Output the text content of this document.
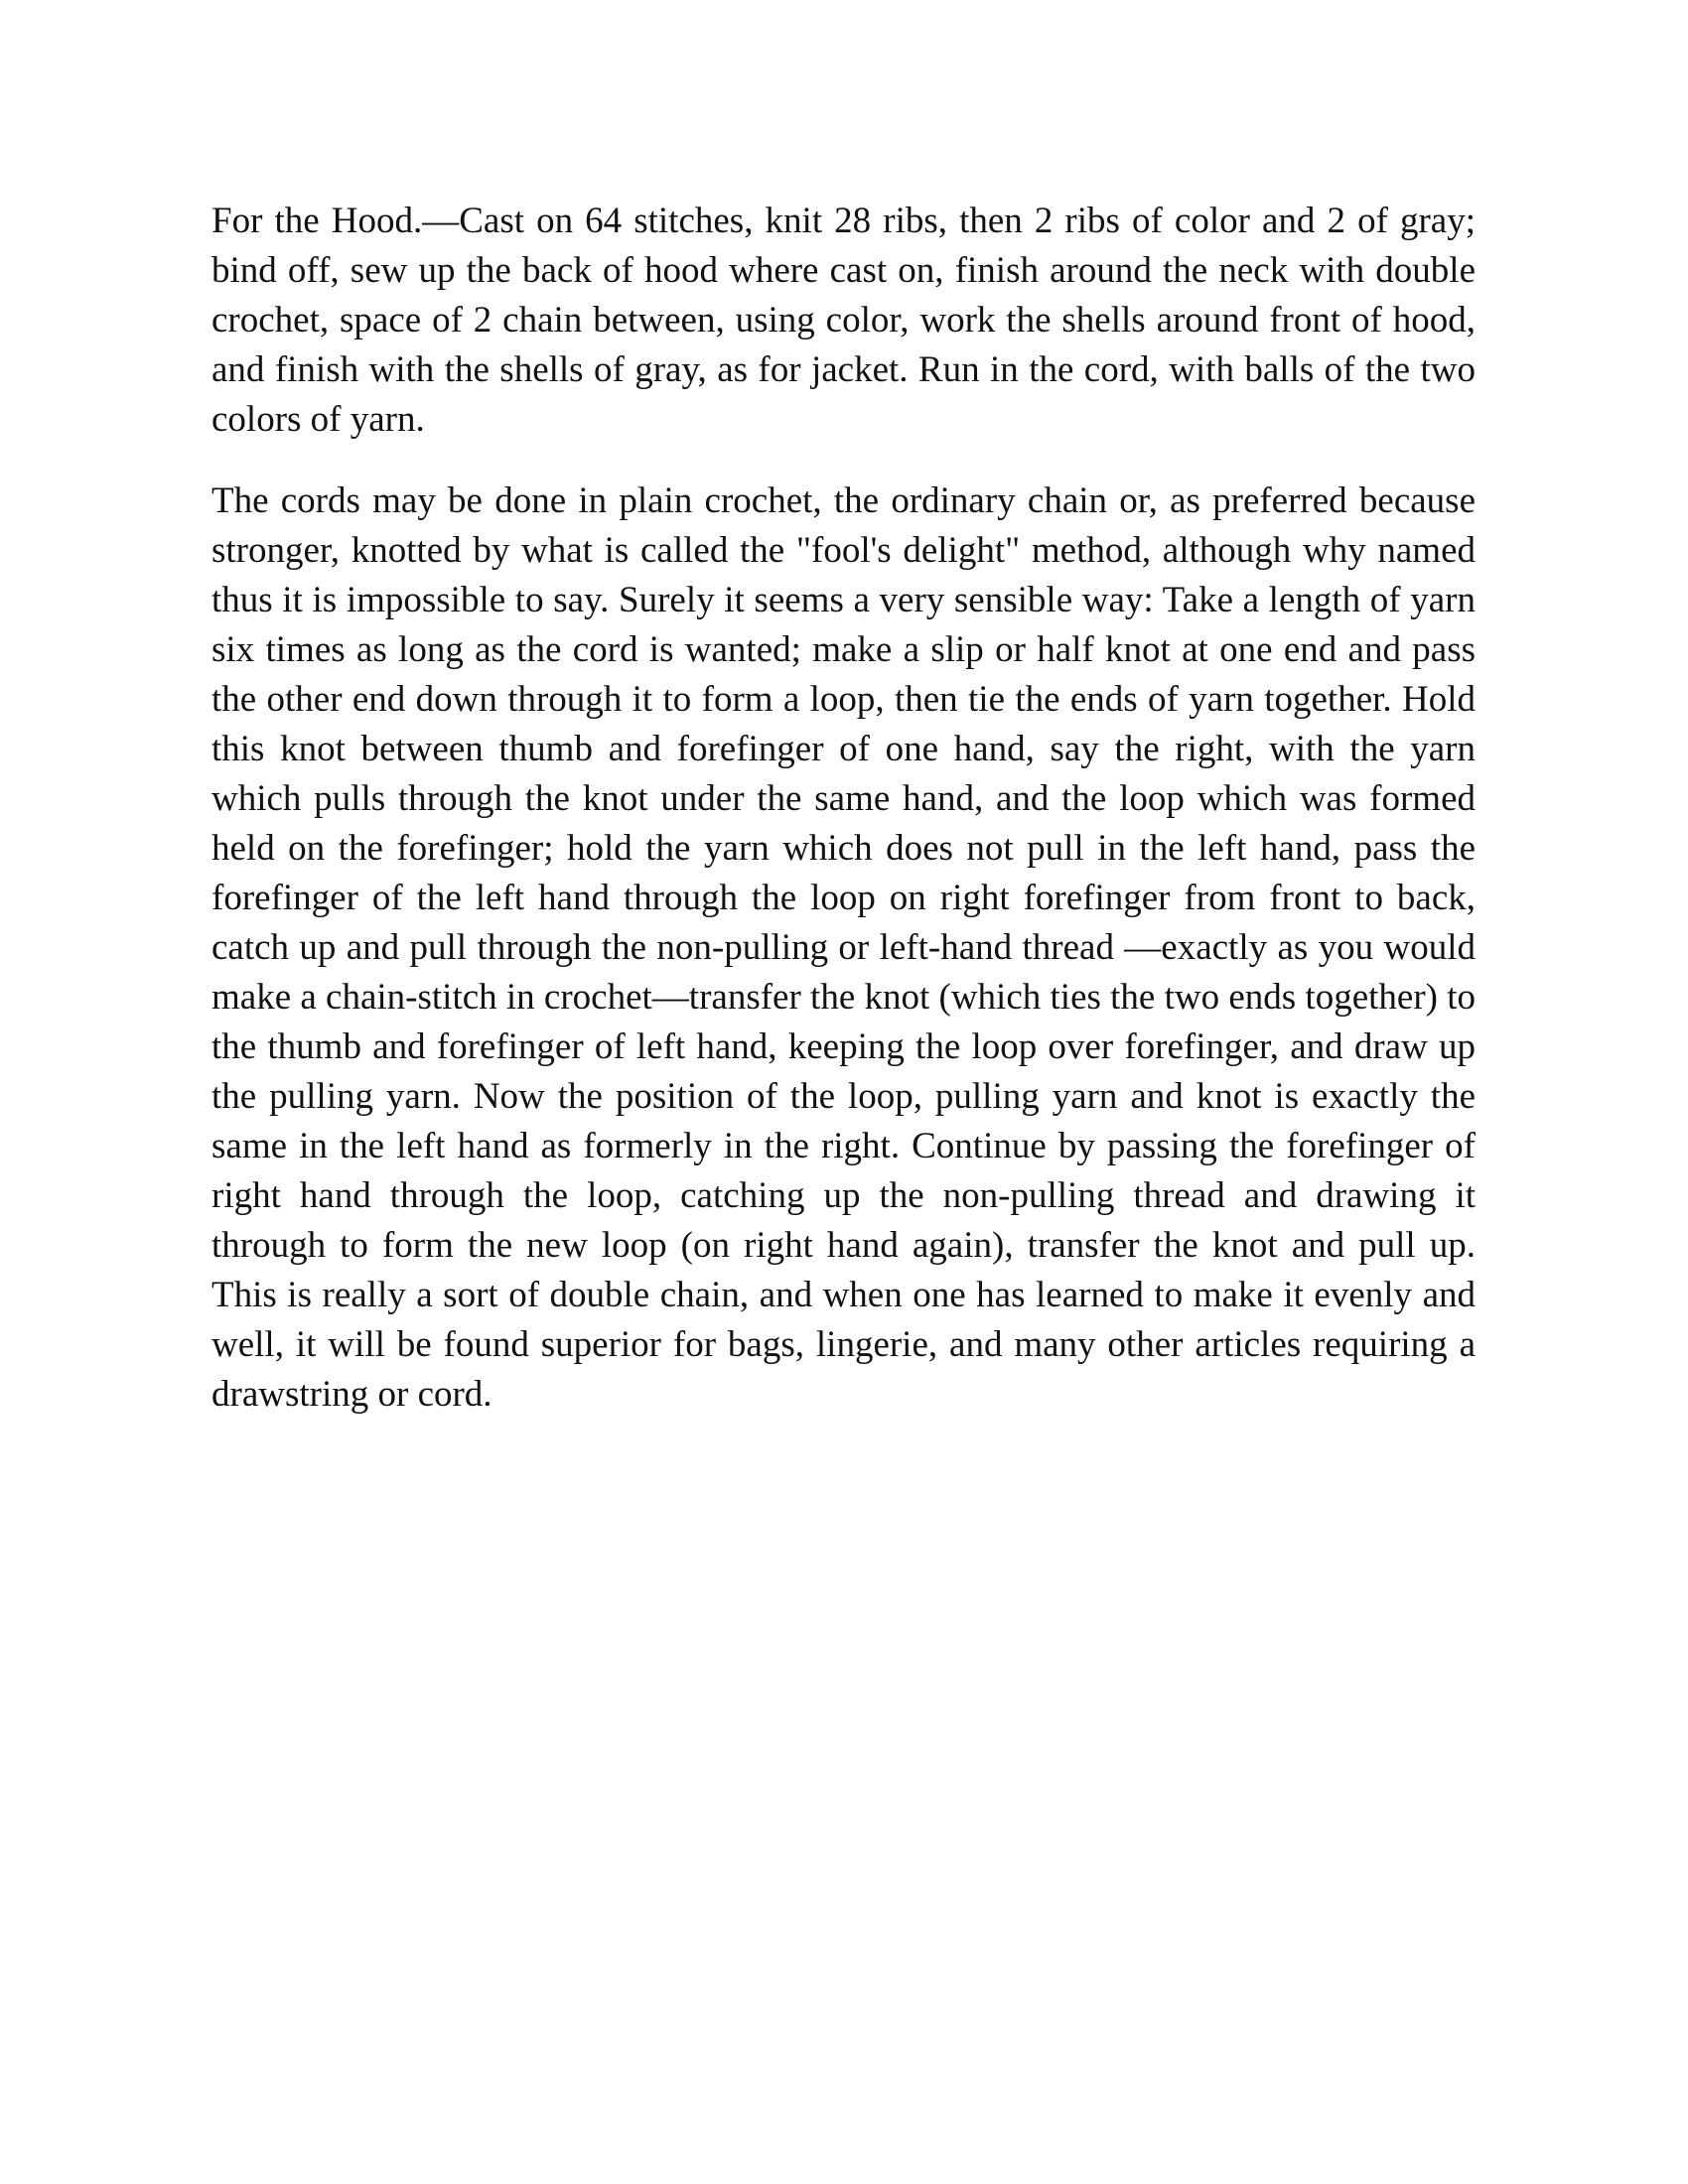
For the Hood.—Cast on 64 stitches, knit 28 ribs, then 2 ribs of color and 2 of gray; bind off, sew up the back of hood where cast on, finish around the neck with double crochet, space of 2 chain between, using color, work the shells around front of hood, and finish with the shells of gray, as for jacket. Run in the cord, with balls of the two colors of yarn.

The cords may be done in plain crochet, the ordinary chain or, as preferred because stronger, knotted by what is called the "fool's delight" method, although why named thus it is impossible to say. Surely it seems a very sensible way: Take a length of yarn six times as long as the cord is wanted; make a slip or half knot at one end and pass the other end down through it to form a loop, then tie the ends of yarn together. Hold this knot between thumb and forefinger of one hand, say the right, with the yarn which pulls through the knot under the same hand, and the loop which was formed held on the forefinger; hold the yarn which does not pull in the left hand, pass the forefinger of the left hand through the loop on right forefinger from front to back, catch up and pull through the non-pulling or left-hand thread —exactly as you would make a chain-stitch in crochet—transfer the knot (which ties the two ends together) to the thumb and forefinger of left hand, keeping the loop over forefinger, and draw up the pulling yarn. Now the position of the loop, pulling yarn and knot is exactly the same in the left hand as formerly in the right. Continue by passing the forefinger of right hand through the loop, catching up the non-pulling thread and drawing it through to form the new loop (on right hand again), transfer the knot and pull up. This is really a sort of double chain, and when one has learned to make it evenly and well, it will be found superior for bags, lingerie, and many other articles requiring a drawstring or cord.
